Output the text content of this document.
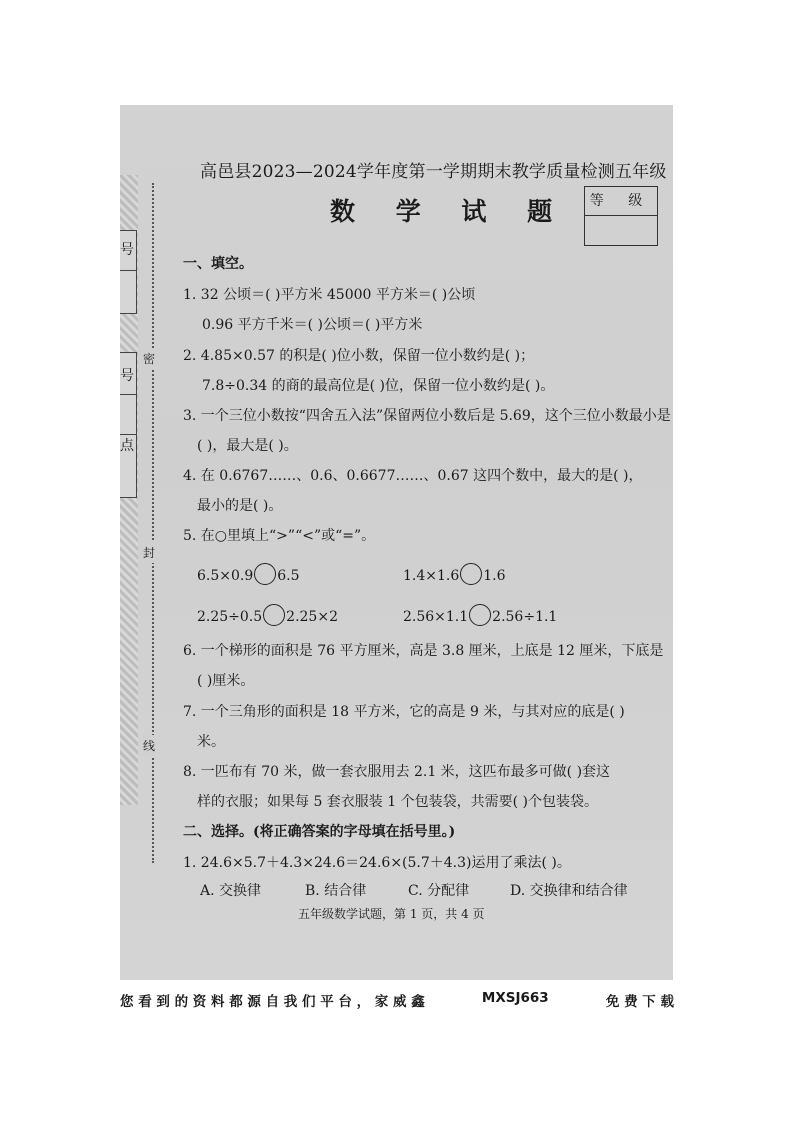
号
号
点
密
封
线
高邑县2023—2024学年度第一学期期末教学质量检测五年级
数 学 试 题	等 级
一、填空。
1. 32 公顷＝( )平方米 45000 平方米＝( )公顷
0.96 平方千米＝( )公顷＝( )平方米
2. 4.85×0.57 的积是( )位小数，保留一位小数约是( )；
7.8÷0.34 的商的最高位是( )位，保留一位小数约是( )。
3. 一个三位小数按“四舍五入法”保留两位小数后是 5.69，这个三位小数最小是
( )，最大是( )。
4. 在 0.6767……、0.6、0.6677……、0.67 这四个数中，最大的是( )，
最小的是( )。
5. 在○里填上“>”“<”或“=”。
6.5×0.9 6.5	1.4×1.6 1.6
2.25÷0.5 2.25×2	2.56×1.1 2.56÷1.1
6. 一个梯形的面积是 76 平方厘米，高是 3.8 厘米，上底是 12 厘米，下底是
( )厘米。
7. 一个三角形的面积是 18 平方米，它的高是 9 米，与其对应的底是( )
米。
8. 一匹布有 70 米，做一套衣服用去 2.1 米，这匹布最多可做( )套这
样的衣服；如果每 5 套衣服装 1 个包装袋，共需要( )个包装袋。
二、选择。(将正确答案的字母填在括号里。)
1. 24.6×5.7＋4.3×24.6＝24.6×(5.7＋4.3)运用了乘法( )。
A. 交换律	B. 结合律	C. 分配律	D. 交换律和结合律
五年级数学试题，第 1 页，共 4 页
您 看 到 的 资 料 都 源 自 我 们 平 台 ， 家 威 鑫	MXSJ663	免 费 下 载
